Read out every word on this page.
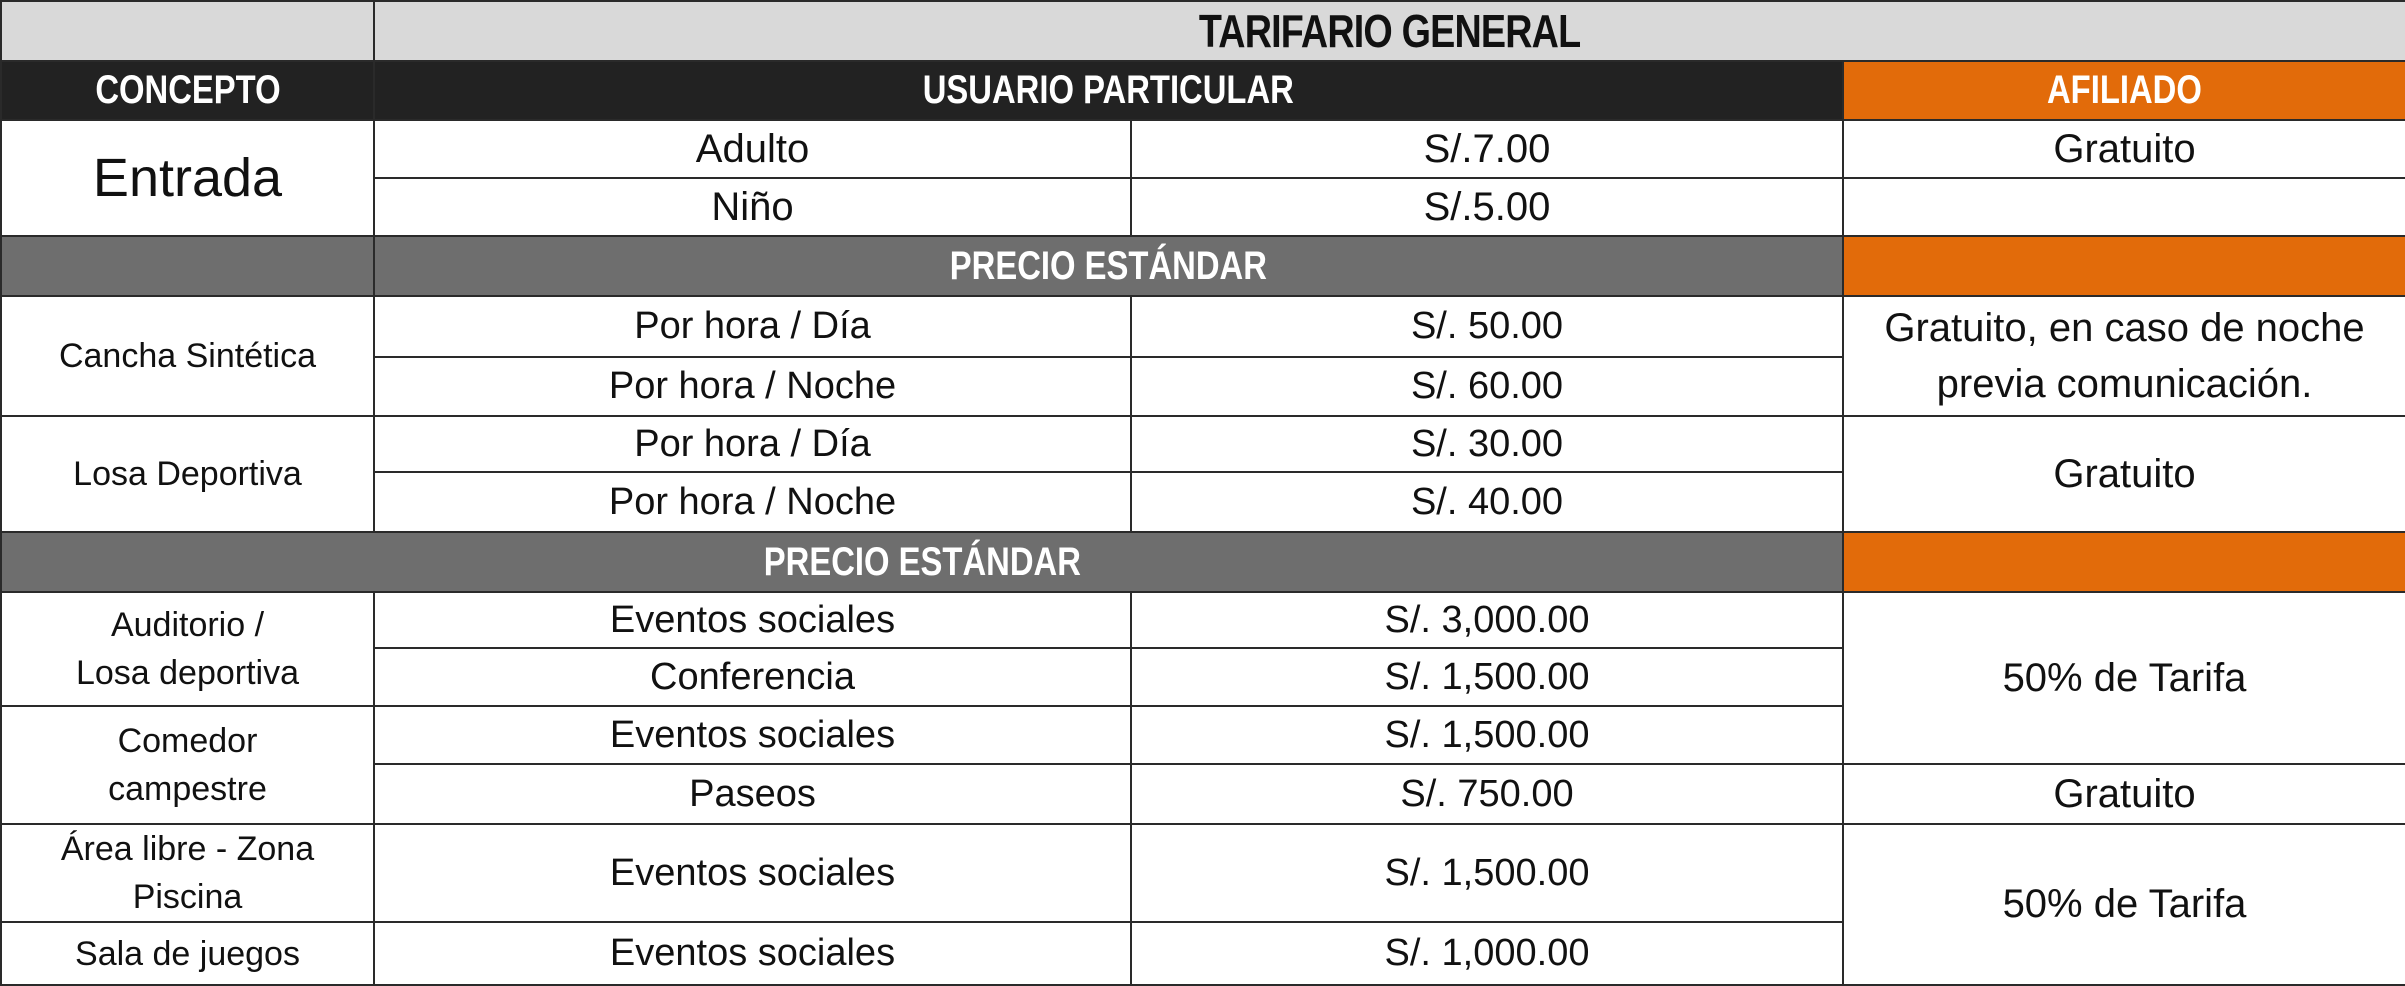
	TARIFARIO GENERAL		
CONCEPTO	USUARIO PARTICULAR		AFILIADO
Entrada	Adulto	S/.7.00	Gratuito
	Niño	S/.5.00	
	PRECIO ESTÁNDAR		
Cancha Sintética	Por hora / Día	S/. 50.00	Gratuito, en caso de noche
previa comunicación.

	Por hora / Noche	S/. 60.00	
Losa Deportiva	Por hora / Día	S/. 30.00	Gratuito
	Por hora / Noche	S/. 40.00	
PRECIO ESTÁNDAR			

Auditorio /
Losa deportiva	Eventos sociales	S/. 3,000.00	50% de Tarifa
	Conferencia	S/. 1,500.00	

Comedor
campestre	Eventos sociales	S/. 1,500.00	
	Paseos	S/. 750.00	Gratuito
Área libre - Zona Piscina	Eventos sociales	S/. 1,500.00	50% de Tarifa
Sala de juegos	Eventos sociales	S/. 1,000.00	
